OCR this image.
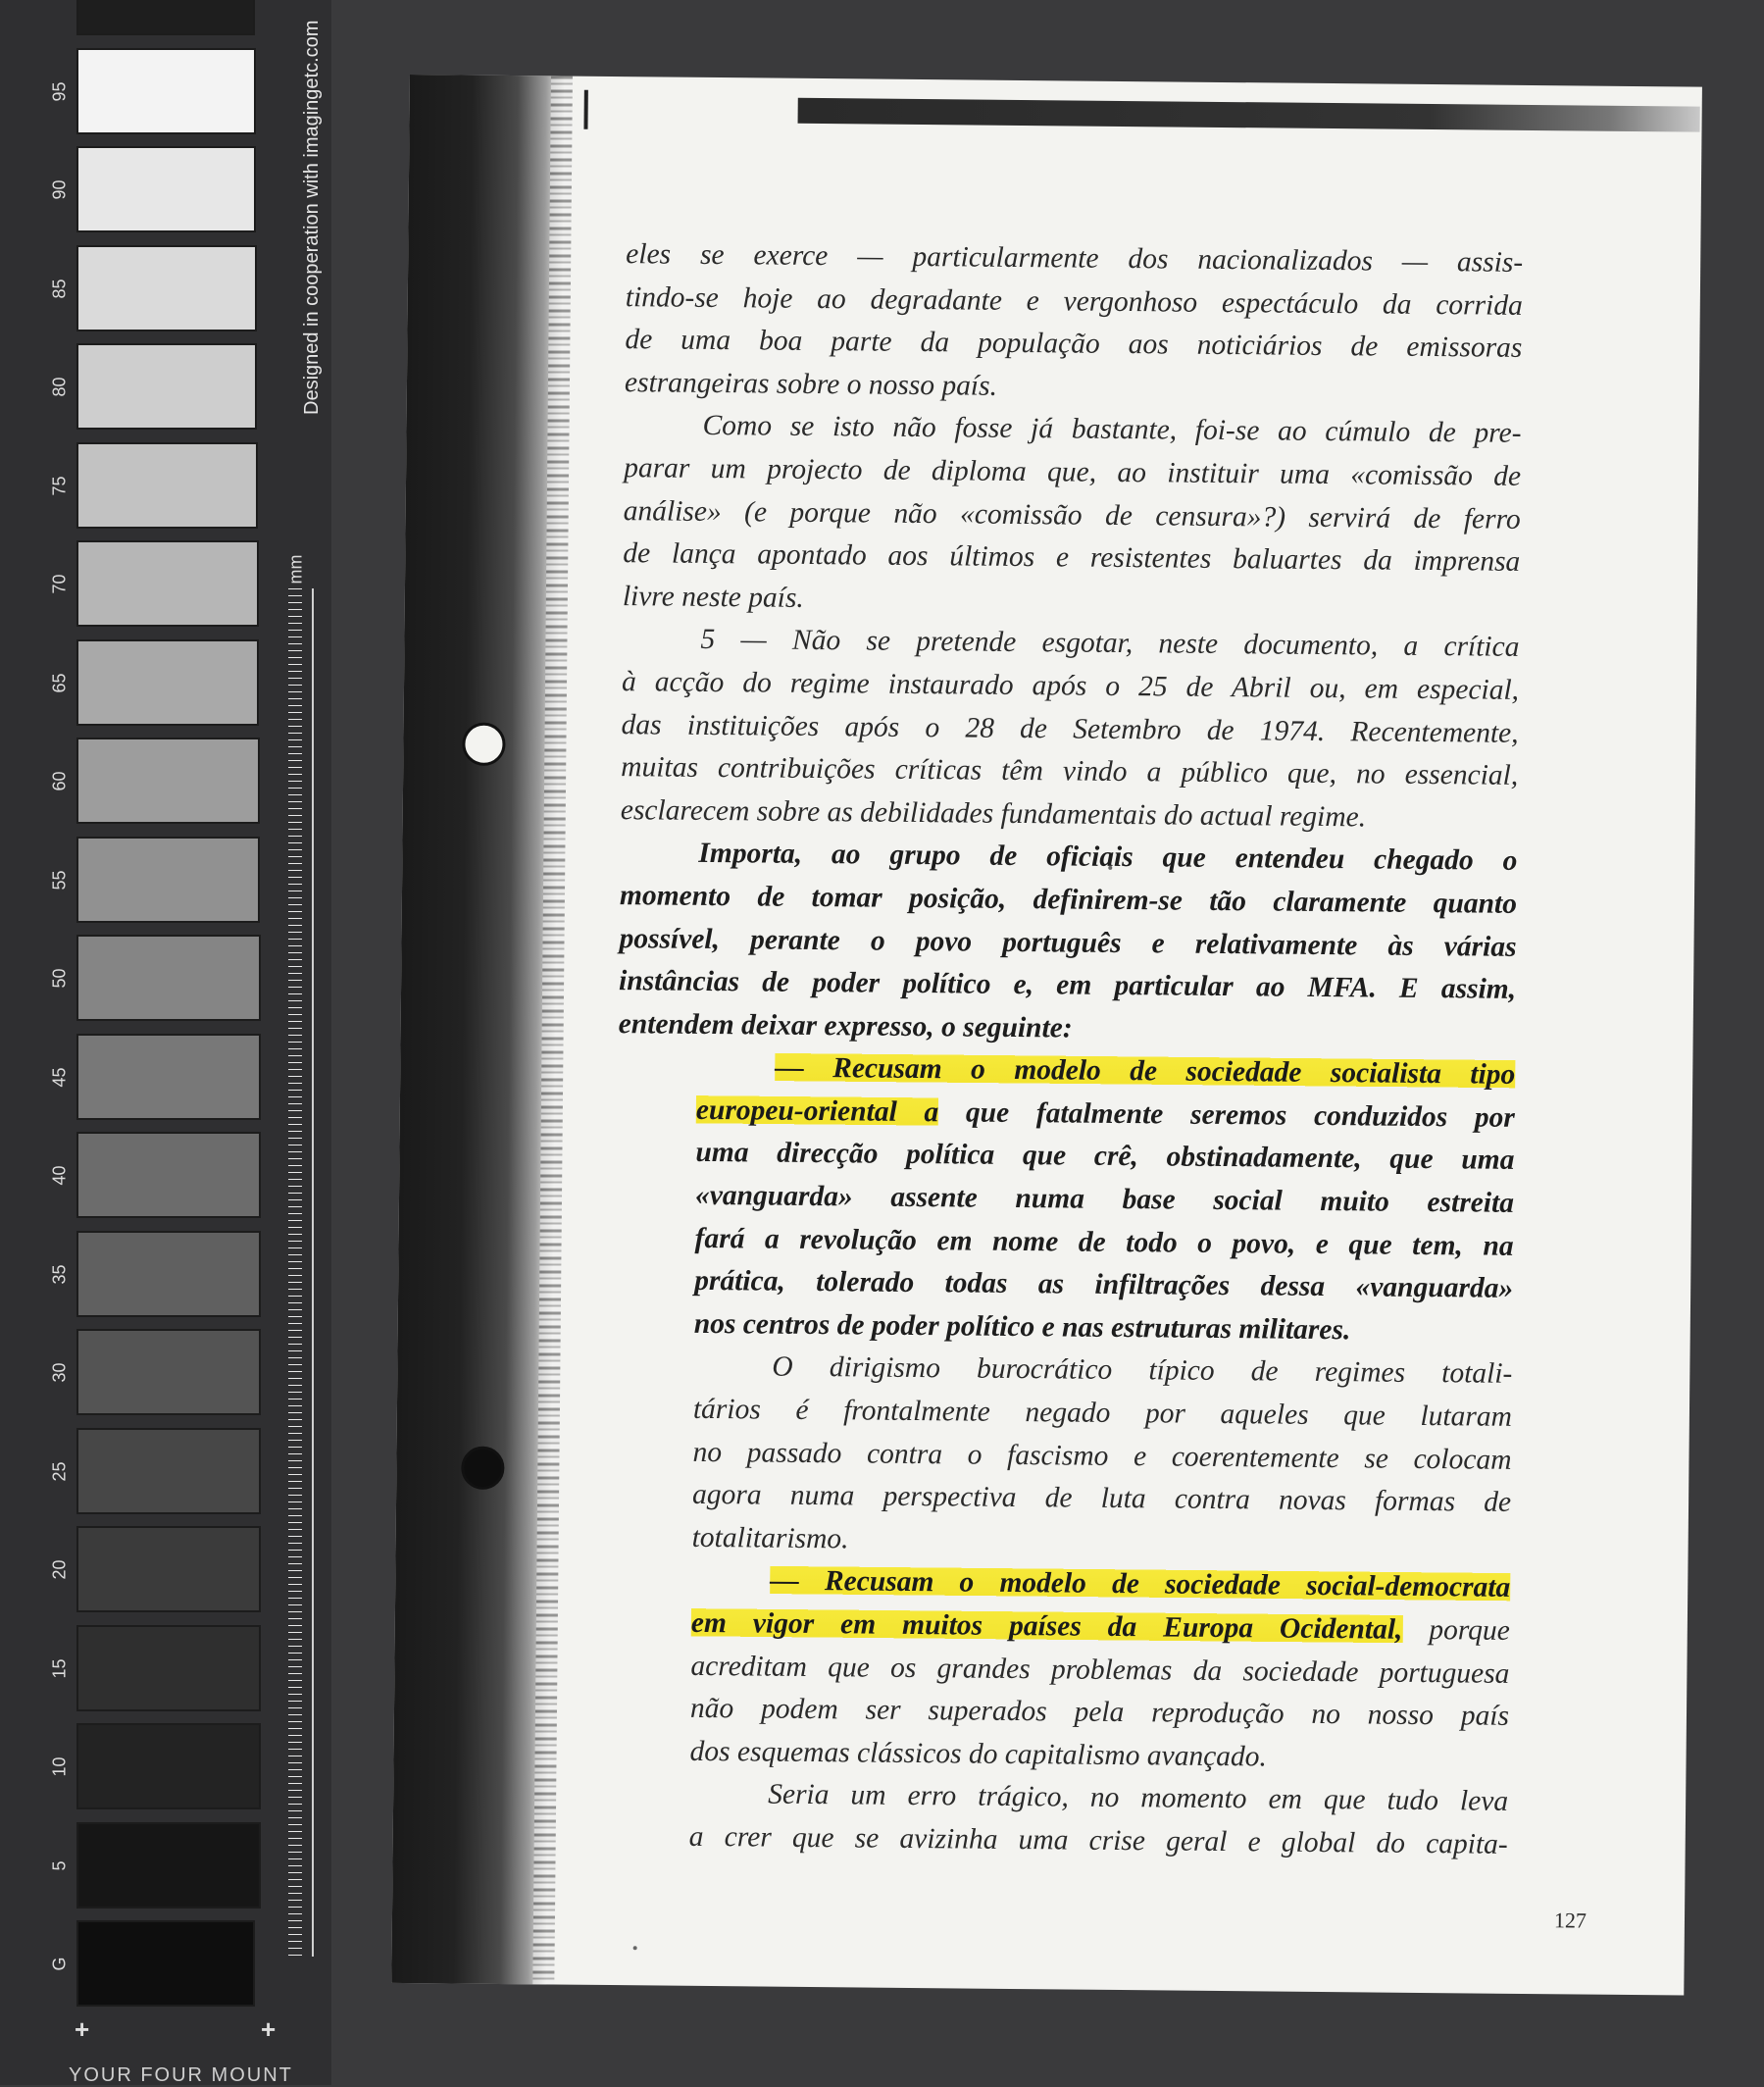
mm
Designed in cooperation with imagingetc.com
+	+
YOUR FOUR MOUNT
95
90
85
80
75
70
65
60
55
50
45
40
35
30
25
20
15
10
5
G
eles se exerce — particularmente dos nacionalizados — assis-
tindo-se hoje ao degradante e vergonhoso espectáculo da corrida
de uma boa parte da população aos noticiários de emissoras
estrangeiras sobre o nosso país.
Como se isto não fosse já bastante, foi-se ao cúmulo de pre-
parar um projecto de diploma que, ao instituir uma «comissão de
análise» (e porque não «comissão de censura»?) servirá de ferro
de lança apontado aos últimos e resistentes baluartes da imprensa
livre neste país.
5 — Não se pretende esgotar, neste documento, a crítica
à acção do regime instaurado após o 25 de Abril ou, em especial,
das instituições após o 28 de Setembro de 1974. Recentemente,
muitas contribuições críticas têm vindo a público que, no essencial,
esclarecem sobre as debilidades fundamentais do actual regime.
Importa, ao grupo de oficiais que entendeu chegado o
momento de tomar posição, definirem-se tão claramente quanto
possível, perante o povo português e relativamente às várias
instâncias de poder político e, em particular ao MFA. E assim,
entendem deixar expresso, o seguinte:
— Recusam o modelo de sociedade socialista tipo
europeu-oriental a que fatalmente seremos conduzidos por
uma direcção política que crê, obstinadamente, que uma
«vanguarda» assente numa base social muito estreita
fará a revolução em nome de todo o povo, e que tem, na
prática, tolerado todas as infiltrações dessa «vanguarda»
nos centros de poder político e nas estruturas militares.
O dirigismo burocrático típico de regimes totali-
tários é frontalmente negado por aqueles que lutaram
no passado contra o fascismo e coerentemente se colocam
agora numa perspectiva de luta contra novas formas de
totalitarismo.
— Recusam o modelo de sociedade social-democrata
em vigor em muitos países da Europa Ocidental, porque
acreditam que os grandes problemas da sociedade portuguesa
não podem ser superados pela reprodução no nosso país
dos esquemas clássicos do capitalismo avançado.
Seria um erro trágico, no momento em que tudo leva
a crer que se avizinha uma crise geral e global do capita-
127
